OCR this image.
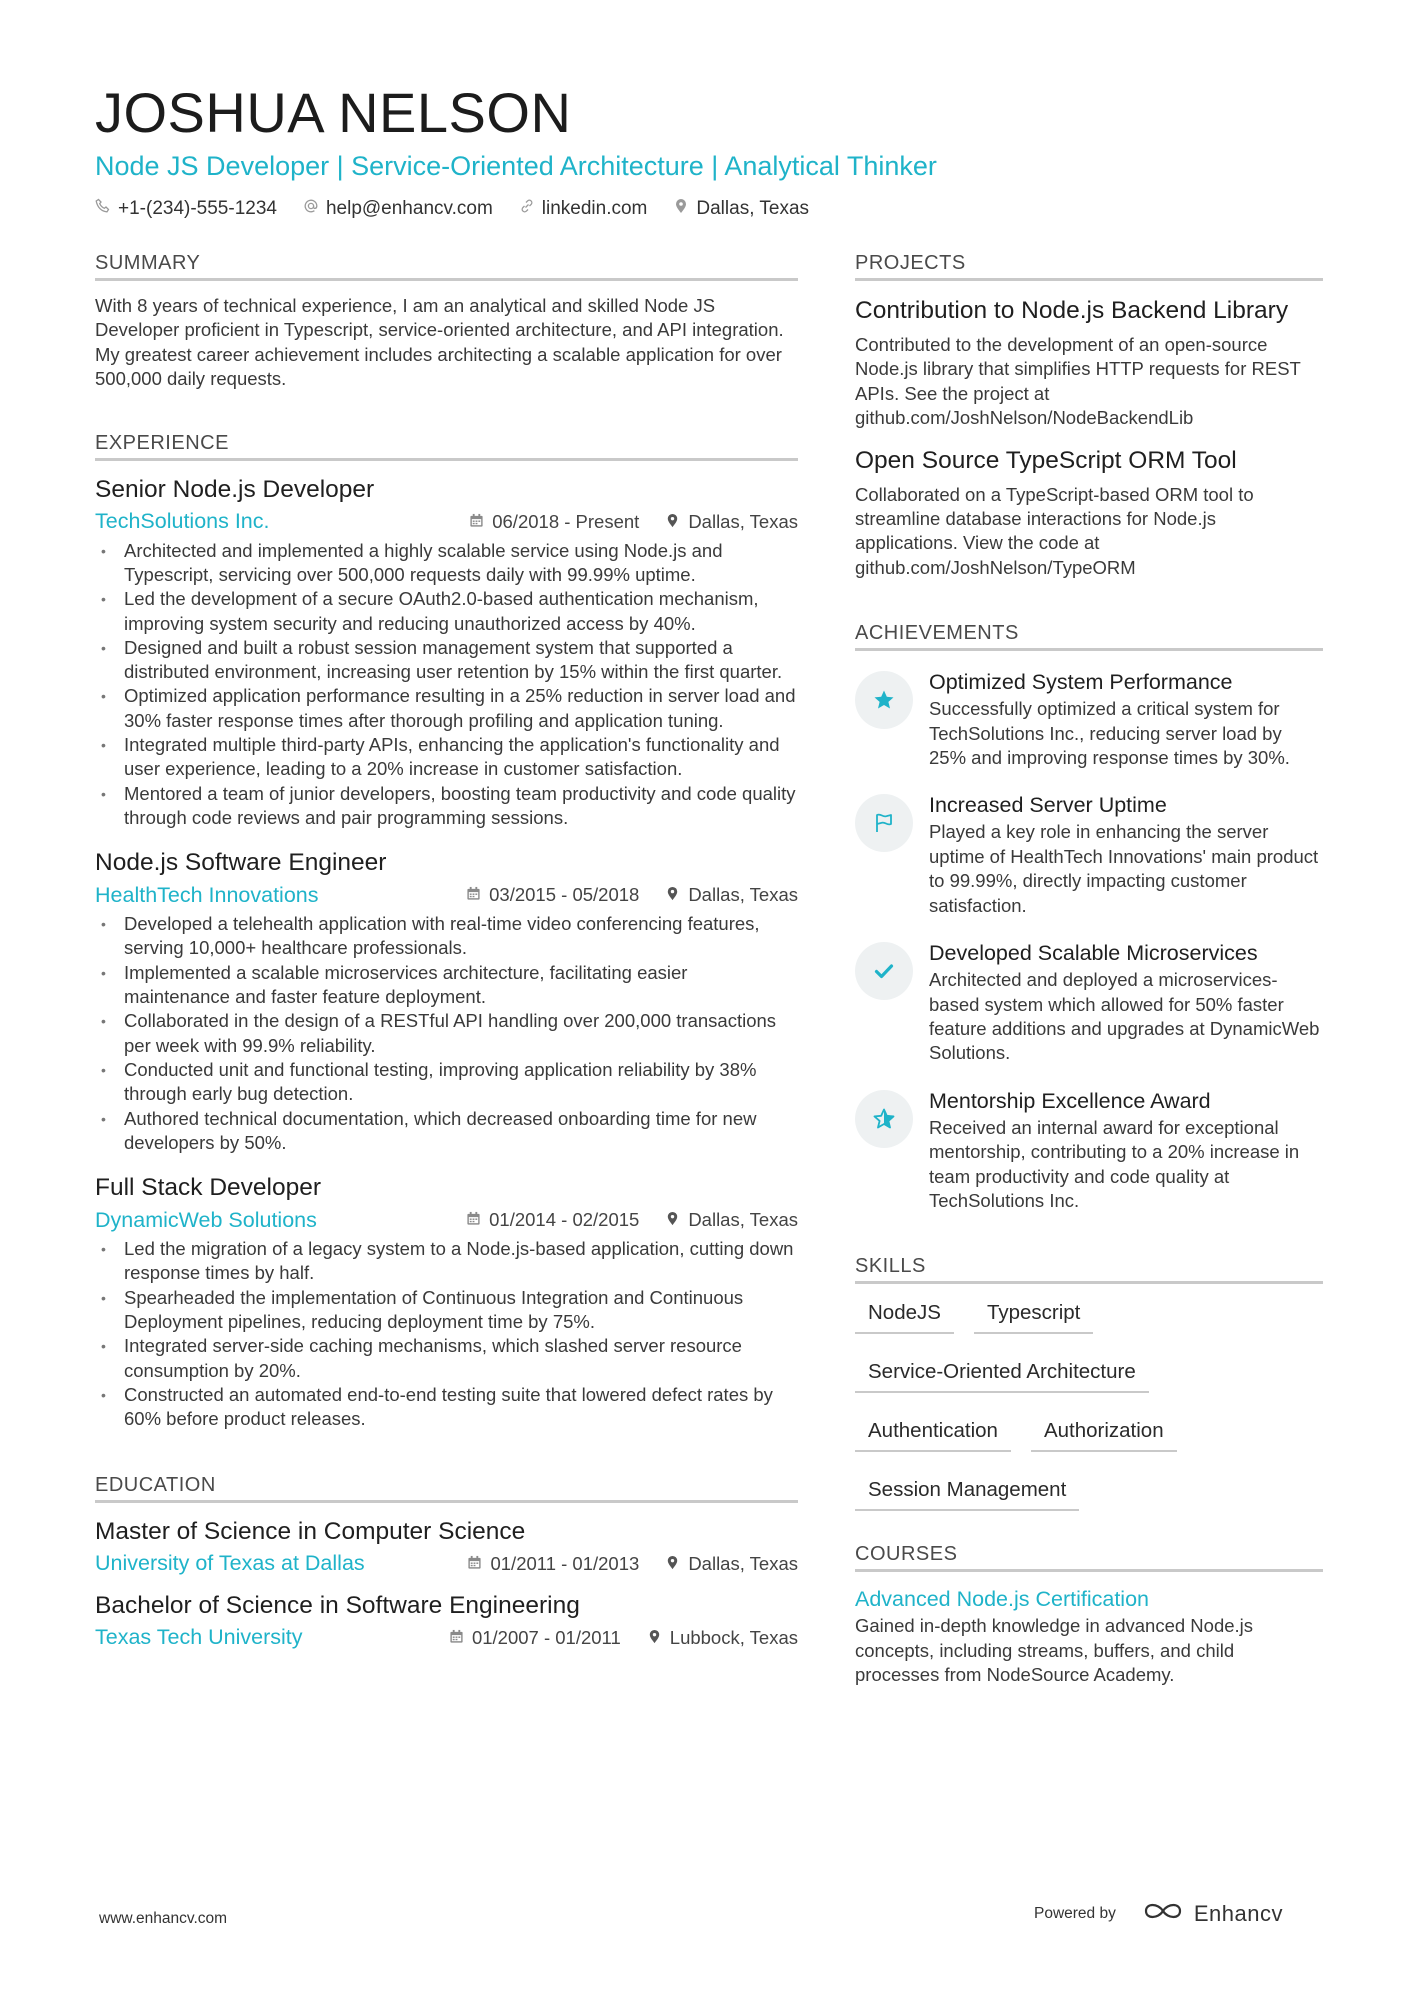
JOSHUA NELSON
Node JS Developer | Service-Oriented Architecture | Analytical Thinker
+1-(234)-555-1234	help@enhancv.com	linkedin.com	Dallas, Texas
SUMMARY

With 8 years of technical experience, I am an analytical and skilled Node JS Developer proficient in Typescript, service-oriented architecture, and API integration. My greatest career achievement includes architecting a scalable application for over 500,000 daily requests.

EXPERIENCE
Senior Node.js Developer
TechSolutions Inc.	06/2018 - Present	Dallas, Texas
• Architected and implemented a highly scalable service using Node.js and Typescript, servicing over 500,000 requests daily with 99.99% uptime.
• Led the development of a secure OAuth2.0-based authentication mechanism, improving system security and reducing unauthorized access by 40%.
• Designed and built a robust session management system that supported a distributed environment, increasing user retention by 15% within the first quarter.
• Optimized application performance resulting in a 25% reduction in server load and 30% faster response times after thorough profiling and application tuning.
• Integrated multiple third-party APIs, enhancing the application's functionality and user experience, leading to a 20% increase in customer satisfaction.
• Mentored a team of junior developers, boosting team productivity and code quality through code reviews and pair programming sessions.
Node.js Software Engineer
HealthTech Innovations	03/2015 - 05/2018	Dallas, Texas
• Developed a telehealth application with real-time video conferencing features, serving 10,000+ healthcare professionals.
• Implemented a scalable microservices architecture, facilitating easier maintenance and faster feature deployment.
• Collaborated in the design of a RESTful API handling over 200,000 transactions per week with 99.9% reliability.
• Conducted unit and functional testing, improving application reliability by 38% through early bug detection.
• Authored technical documentation, which decreased onboarding time for new developers by 50%.
Full Stack Developer
DynamicWeb Solutions	01/2014 - 02/2015	Dallas, Texas
• Led the migration of a legacy system to a Node.js-based application, cutting down response times by half.
• Spearheaded the implementation of Continuous Integration and Continuous Deployment pipelines, reducing deployment time by 75%.
• Integrated server-side caching mechanisms, which slashed server resource consumption by 20%.
• Constructed an automated end-to-end testing suite that lowered defect rates by 60% before product releases.
EDUCATION
Master of Science in Computer Science
University of Texas at Dallas	01/2011 - 01/2013	Dallas, Texas
Bachelor of Science in Software Engineering
Texas Tech University	01/2007 - 01/2011	Lubbock, Texas
PROJECTS
Contribution to Node.js Backend Library

Contributed to the development of an open-source Node.js library that simplifies HTTP requests for REST APIs. See the project at github.com/JoshNelson/NodeBackendLib

Open Source TypeScript ORM Tool

Collaborated on a TypeScript-based ORM tool to streamline database interactions for Node.js applications. View the code at github.com/JoshNelson/TypeORM

ACHIEVEMENTS
Optimized System Performance

Successfully optimized a critical system for TechSolutions Inc., reducing server load by 25% and improving response times by 30%.

Increased Server Uptime

Played a key role in enhancing the server uptime of HealthTech Innovations' main product to 99.99%, directly impacting customer satisfaction.

Developed Scalable Microservices

Architected and deployed a microservices-based system which allowed for 50% faster feature additions and upgrades at DynamicWeb Solutions.

Mentorship Excellence Award

Received an internal award for exceptional mentorship, contributing to a 20% increase in team productivity and code quality at TechSolutions Inc.

SKILLS
NodeJS	Typescript
Service-Oriented Architecture
Authentication	Authorization
Session Management
COURSES
Advanced Node.js Certification

Gained in-depth knowledge in advanced Node.js concepts, including streams, buffers, and child processes from NodeSource Academy.

www.enhancv.com	Powered by	Enhancv
